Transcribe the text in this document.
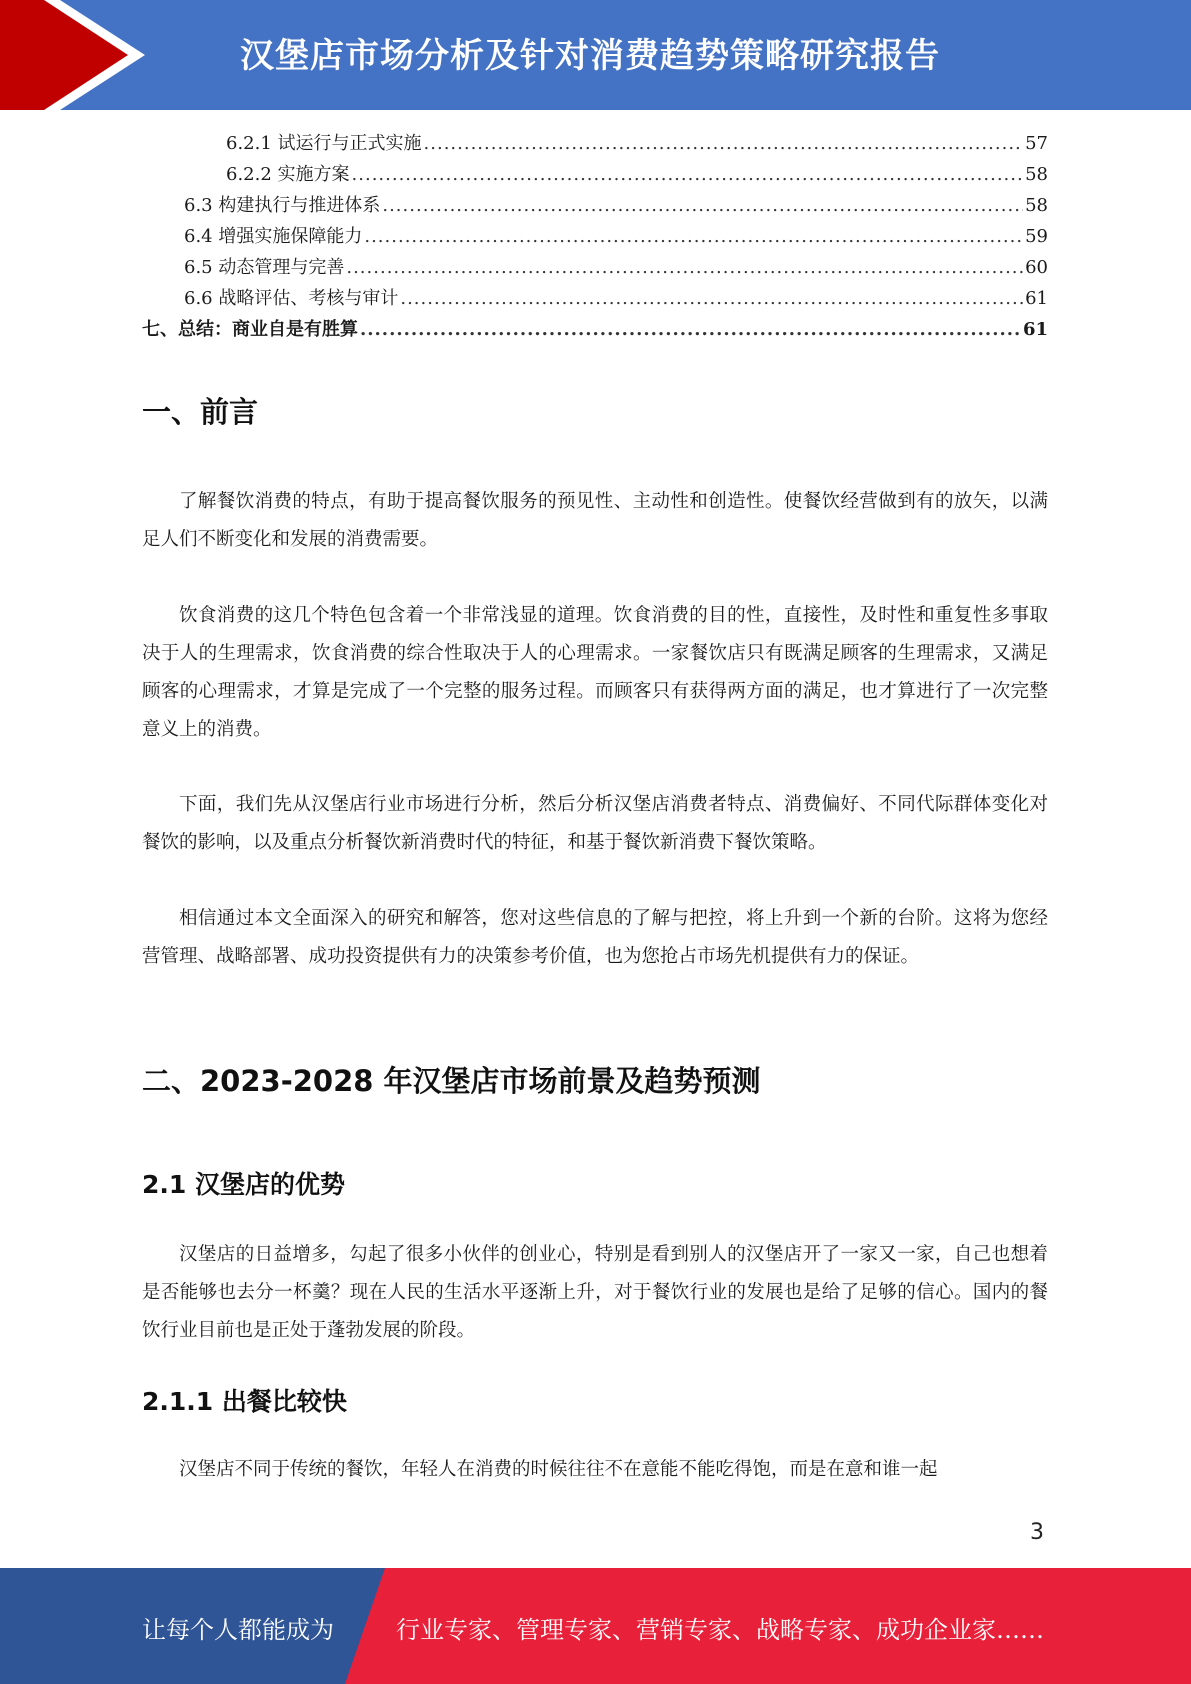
汉堡店市场分析及针对消费趋势策略研究报告
6.2.1 试运行与正式实施 .....	57
6.2.2 实施方案 .....	58
6.3 构建执行与推进体系 .....	58
6.4 增强实施保障能力 .....	59
6.5 动态管理与完善 .....	60
6.6 战略评估、考核与审计 .....	61
七、总结：商业自是有胜算 .....	61
一、前言

了解餐饮消费的特点，有助于提高餐饮服务的预见性、主动性和创造性。使餐饮经营做到有的放矢，以满足人们不断变化和发展的消费需要。

饮食消费的这几个特色包含着一个非常浅显的道理。饮食消费的目的性，直接性，及时性和重复性多事取决于人的生理需求，饮食消费的综合性取决于人的心理需求。一家餐饮店只有既满足顾客的生理需求，又满足顾客的心理需求，才算是完成了一个完整的服务过程。而顾客只有获得两方面的满足，也才算进行了一次完整意义上的消费。

下面，我们先从汉堡店行业市场进行分析，然后分析汉堡店消费者特点、消费偏好、不同代际群体变化对餐饮的影响，以及重点分析餐饮新消费时代的特征，和基于餐饮新消费下餐饮策略。

相信通过本文全面深入的研究和解答，您对这些信息的了解与把控，将上升到一个新的台阶。这将为您经营管理、战略部署、成功投资提供有力的决策参考价值，也为您抢占市场先机提供有力的保证。

二、2023-2028 年汉堡店市场前景及趋势预测
2.1 汉堡店的优势

汉堡店的日益增多，勾起了很多小伙伴的创业心，特别是看到别人的汉堡店开了一家又一家，自己也想着是否能够也去分一杯羹？现在人民的生活水平逐渐上升，对于餐饮行业的发展也是给了足够的信心。国内的餐饮行业目前也是正处于蓬勃发展的阶段。

2.1.1 出餐比较快

汉堡店不同于传统的餐饮，年轻人在消费的时候往往不在意能不能吃得饱，而是在意和谁一起

3
让每个人都能成为	行业专家、管理专家、营销专家、战略专家、成功企业家……
